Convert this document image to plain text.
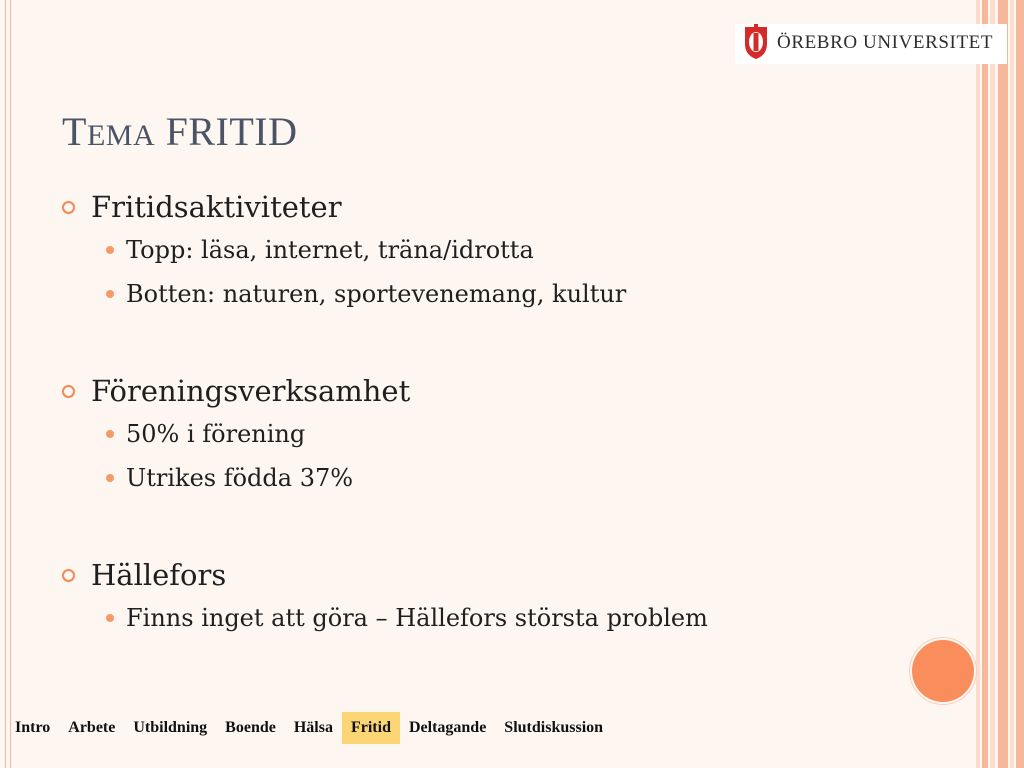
ÖREBRO UNIVERSITET
TEMA FRITID
Fritidsaktiviteter
Topp: läsa, internet, träna/idrotta
Botten: naturen, sportevenemang, kultur
Föreningsverksamhet
50% i förening
Utrikes födda 37%
Hällefors
Finns inget att göra – Hällefors största problem
Intro	Arbete	Utbildning	Boende	Hälsa	Fritid	Deltagande	Slutdiskussion
